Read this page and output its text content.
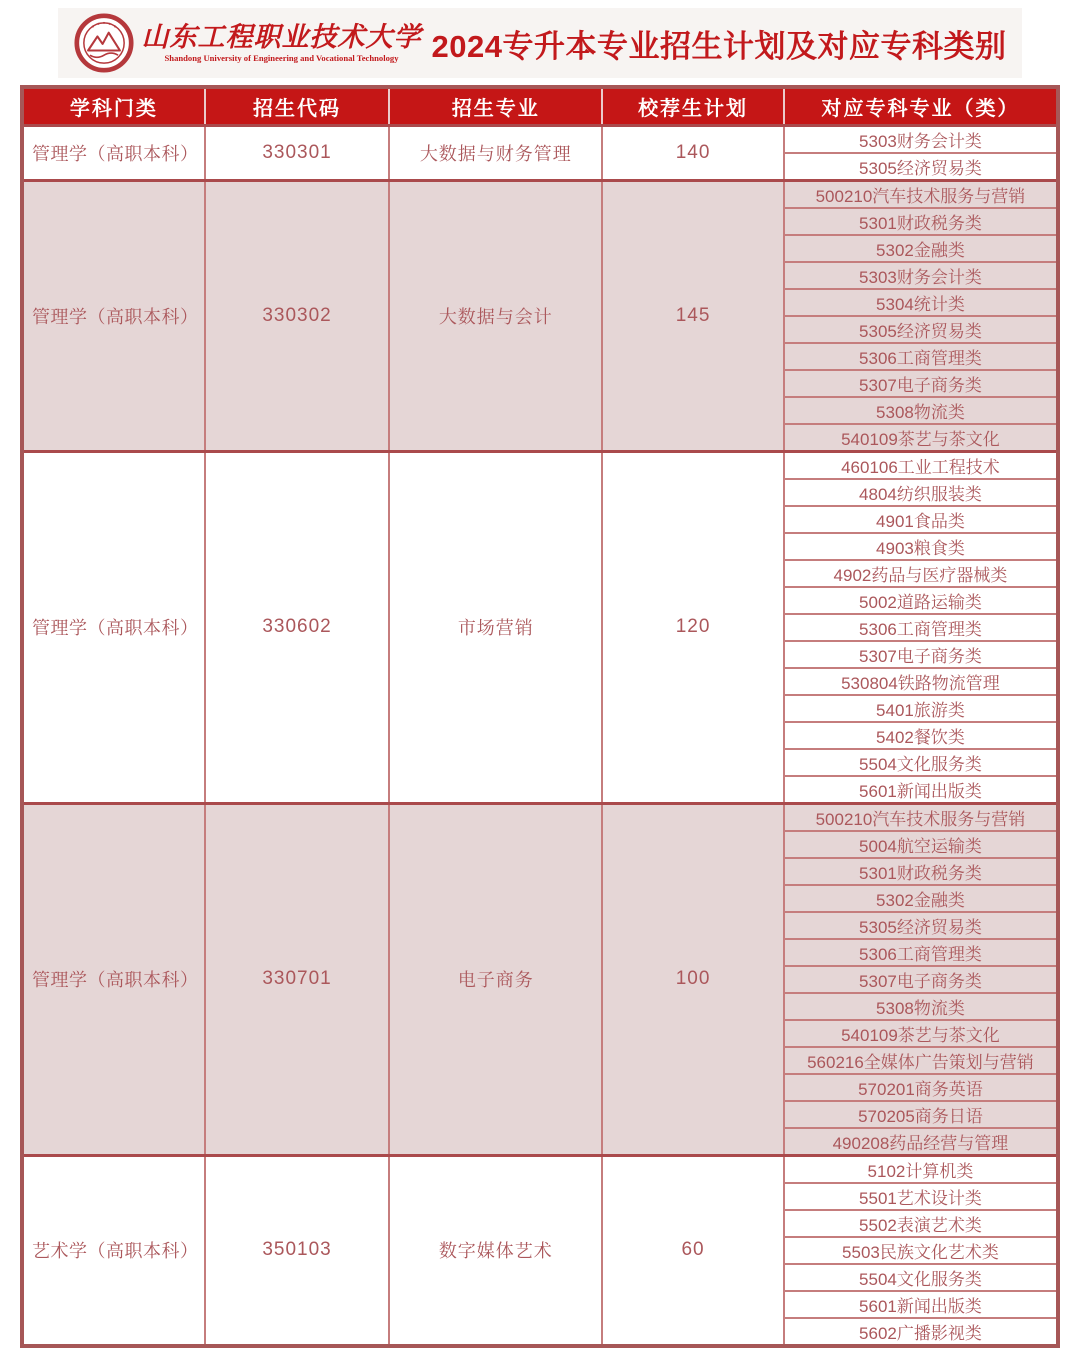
山东工程职业技术大学
Shandong University of Engineering and Vocational Technology 2024专升本专业招生计划及对应专科类别
学科门类	招生代码	招生专业	校荐生计划	对应专科专业（类）
管理学（高职本科）	330301	大数据与财务管理	140	5303财务会计类
				5305经济贸易类
管理学（高职本科）	330302	大数据与会计	145	500210汽车技术服务与营销
				5301财政税务类
				5302金融类
				5303财务会计类
				5304统计类
				5305经济贸易类
				5306工商管理类
				5307电子商务类
				5308物流类
				540109茶艺与茶文化
管理学（高职本科）	330602	市场营销	120	460106工业工程技术
				4804纺织服装类
				4901食品类
				4903粮食类
				4902药品与医疗器械类
				5002道路运输类
				5306工商管理类
				5307电子商务类
				530804铁路物流管理
				5401旅游类
				5402餐饮类
				5504文化服务类
				5601新闻出版类
管理学（高职本科）	330701	电子商务	100	500210汽车技术服务与营销
				5004航空运输类
				5301财政税务类
				5302金融类
				5305经济贸易类
				5306工商管理类
				5307电子商务类
				5308物流类
				540109茶艺与茶文化
				560216全媒体广告策划与营销
				570201商务英语
				570205商务日语
				490208药品经营与管理
艺术学（高职本科）	350103	数字媒体艺术	60	5102计算机类
				5501艺术设计类
				5502表演艺术类
				5503民族文化艺术类
				5504文化服务类
				5601新闻出版类
				5602广播影视类
